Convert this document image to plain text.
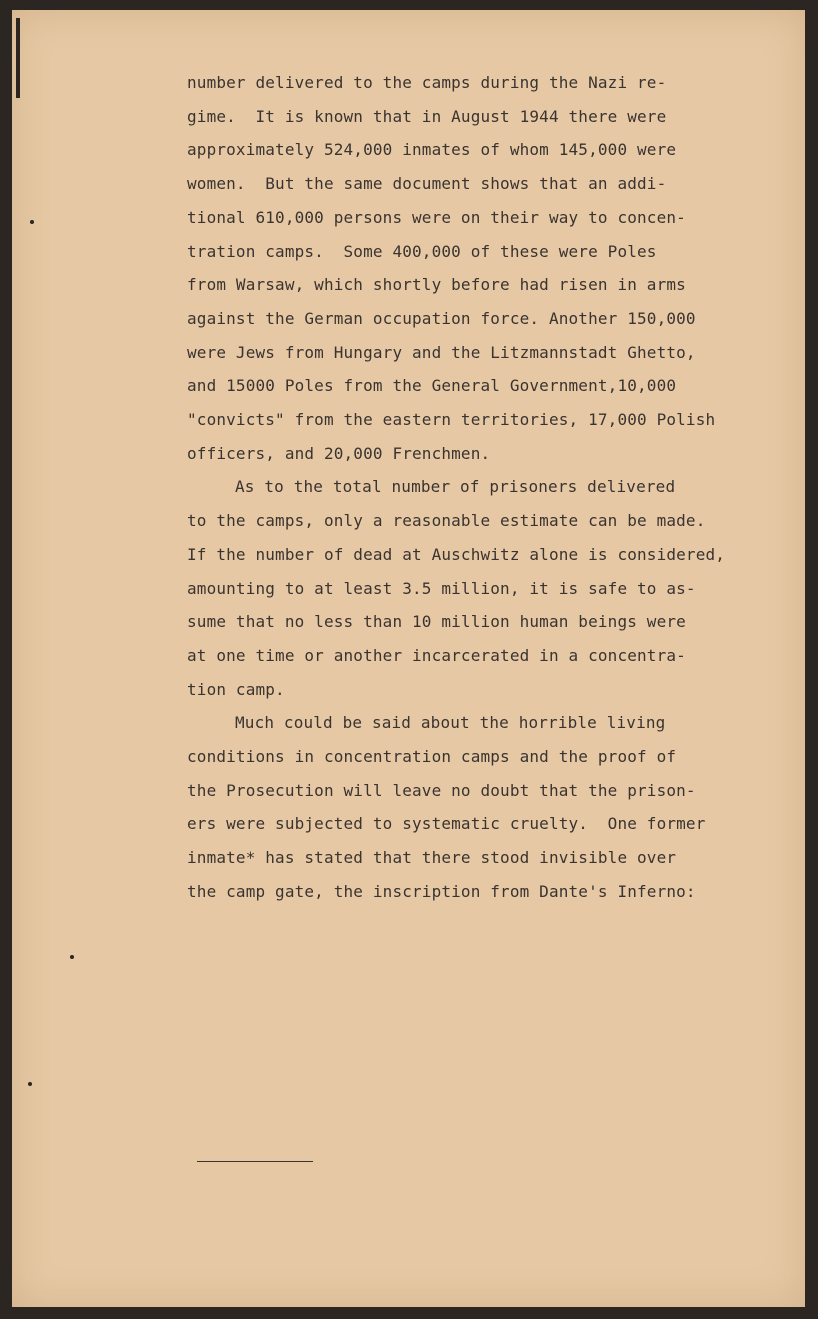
number delivered to the camps during the Nazi re-
gime.  It is known that in August 1944 there were
approximately 524,000 inmates of whom 145,000 were
women.  But the same document shows that an addi-
tional 610,000 persons were on their way to concen-
tration camps.  Some 400,000 of these were Poles
from Warsaw, which shortly before had risen in arms
against the German occupation force. Another 150,000
were Jews from Hungary and the Litzmannstadt Ghetto,
and 15000 Poles from the General Government,10,000
"convicts" from the eastern territories, 17,000 Polish
officers, and 20,000 Frenchmen.
As to the total number of prisoners delivered
to the camps, only a reasonable estimate can be made.
If the number of dead at Auschwitz alone is considered,
amounting to at least 3.5 million, it is safe to as-
sume that no less than 10 million human beings were
at one time or another incarcerated in a concentra-
tion camp.
Much could be said about the horrible living
conditions in concentration camps and the proof of
the Prosecution will leave no doubt that the prison-
ers were subjected to systematic cruelty.  One former
inmate* has stated that there stood invisible over
the camp gate, the inscription from Dante's Inferno:
